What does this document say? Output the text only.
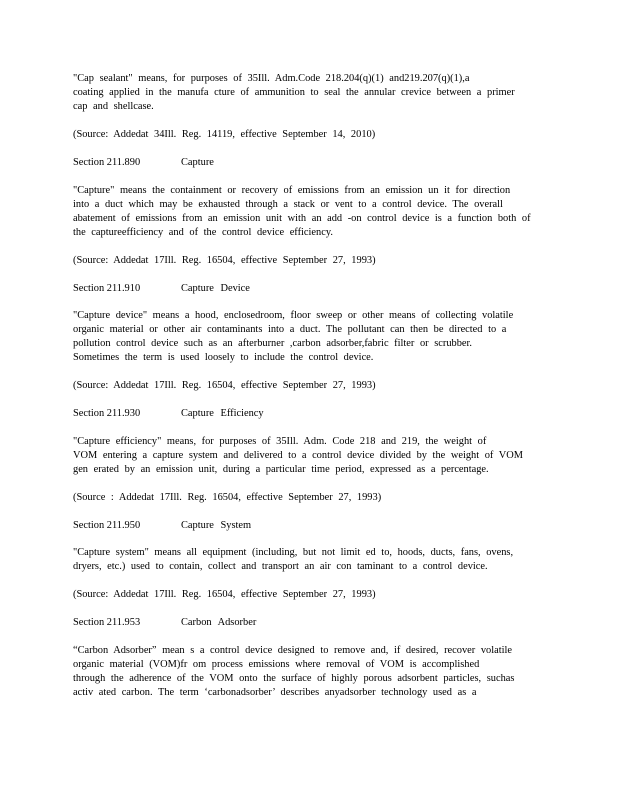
"Cap sealant" means, for purposes of 35Ill. Adm.Code 218.204(q)(1) and219.207(q)(1),a
coating applied in the manufa cture of ammunition to seal the annular crevice between a primer
cap and shellcase.

(Source: Addedat 34Ill. Reg. 14119, effective September 14, 2010)

Section 211.890	Capture

"Capture" means the containment or recovery of emissions from an emission un it for direction
into a duct which may be exhausted through a stack or vent to a control device. The overall
abatement of emissions from an emission unit with an add -on control device is a function both of
the captureefficiency and of the control device efficiency.

(Source: Addedat 17Ill. Reg. 16504, effective September 27, 1993)

Section 211.910	Capture Device

"Capture device" means a hood, enclosedroom, floor sweep or other means of collecting volatile
organic material or other air contaminants into a duct. The pollutant can then be directed to a
pollution control device such as an afterburner ,carbon adsorber,fabric filter or scrubber.
Sometimes the term is used loosely to include the control device.

(Source: Addedat 17Ill. Reg. 16504, effective September 27, 1993)

Section 211.930	Capture Efficiency

"Capture efficiency" means, for purposes of 35Ill. Adm. Code 218 and 219, the weight of
VOM entering a capture system and delivered to a control device divided by the weight of VOM
gen erated by an emission unit, during a particular time period, expressed as a percentage.

(Source : Addedat 17Ill. Reg. 16504, effective September 27, 1993)

Section 211.950	Capture System

"Capture system" means all equipment (including, but not limit ed to, hoods, ducts, fans, ovens,
dryers, etc.) used to contain, collect and transport an air con taminant to a control device.

(Source: Addedat 17Ill. Reg. 16504, effective September 27, 1993)

Section 211.953	Carbon Adsorber

“Carbon Adsorber” mean s a control device designed to remove and, if desired, recover volatile
organic material (VOM)fr om process emissions where removal of VOM is accomplished
through the adherence of the VOM onto the surface of highly porous adsorbent particles, suchas
activ ated carbon. The term ‘carbonadsorber’ describes anyadsorber technology used as a
